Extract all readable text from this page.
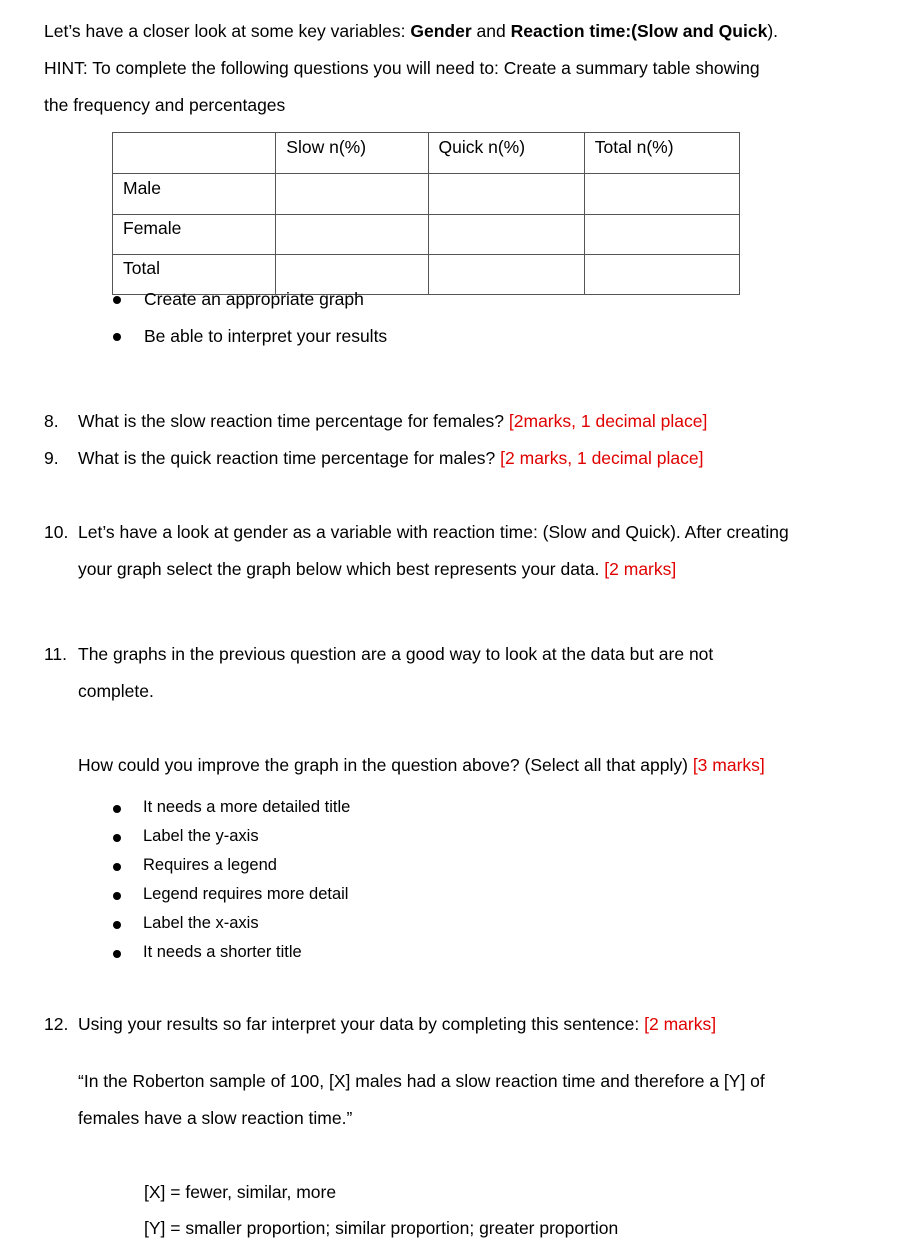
Let’s have a closer look at some key variables: Gender and Reaction time:(Slow and Quick).
HINT: To complete the following questions you will need to: Create a summary table showing
the frequency and percentages
	Slow n(%)	Quick n(%)	Total n(%)
Male			
Female			
Total			
Create an appropriate graph
Be able to interpret your results
8. What is the slow reaction time percentage for females? [2marks, 1 decimal place]
9. What is the quick reaction time percentage for males? [2 marks, 1 decimal place]
10. Let’s have a look at gender as a variable with reaction time: (Slow and Quick). After creating
your graph select the graph below which best represents your data. [2 marks]
11. The graphs in the previous question are a good way to look at the data but are not
complete.
How could you improve the graph in the question above? (Select all that apply) [3 marks]
It needs a more detailed title
Label the y-axis
Requires a legend
Legend requires more detail
Label the x-axis
It needs a shorter title
12. Using your results so far interpret your data by completing this sentence: [2 marks]
“In the Roberton sample of 100, [X] males had a slow reaction time and therefore a [Y] of
females have a slow reaction time.”
[X] = fewer, similar, more
[Y] = smaller proportion; similar proportion; greater proportion
